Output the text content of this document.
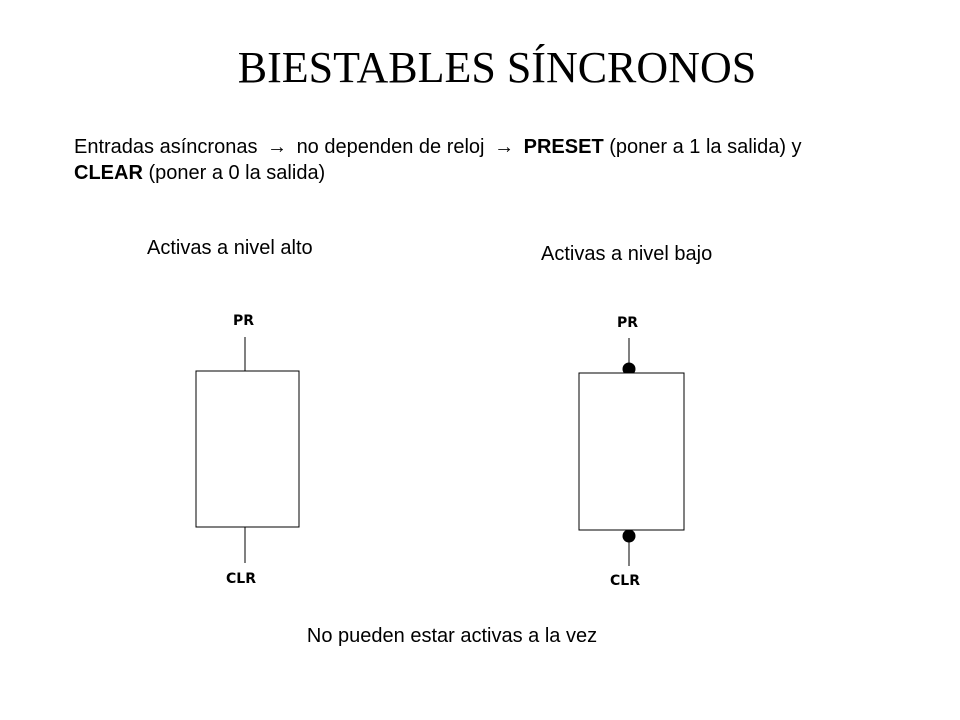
BIESTABLES SÍNCRONOS
Entradas asíncronas → no dependen de reloj → PRESET (poner a 1 la salida) y CLEAR (poner a 0 la salida)
Activas a nivel alto	Activas a nivel bajo
PR
CLR
PR
CLR
No pueden estar activas a la vez
